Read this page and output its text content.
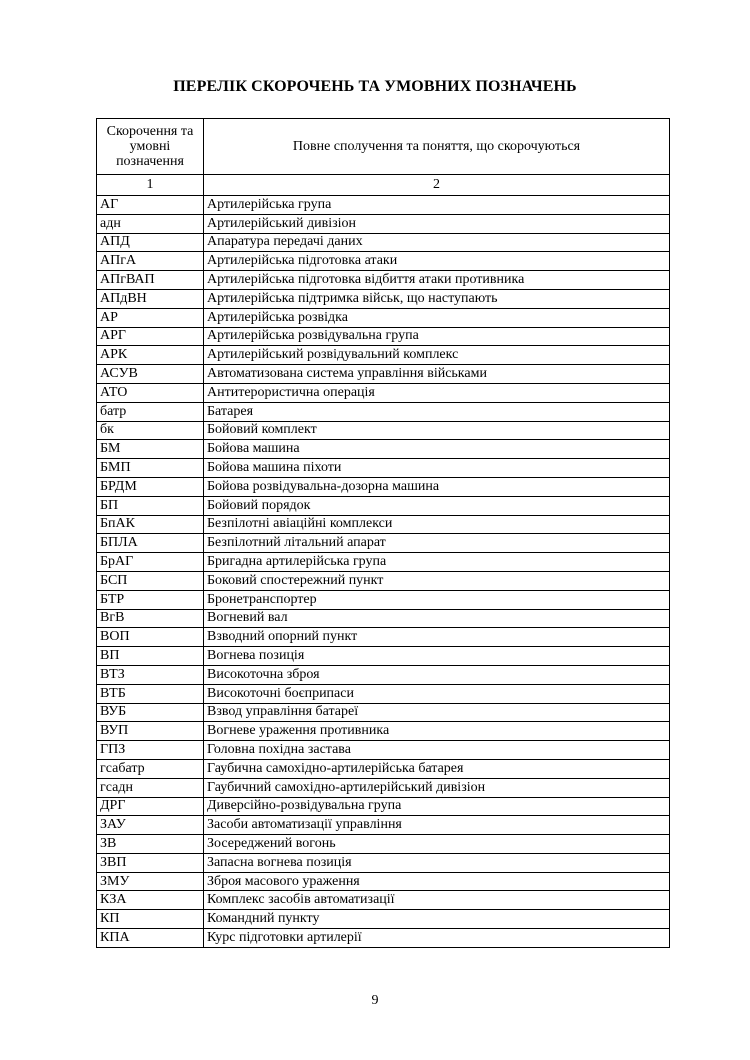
ПЕРЕЛІК СКОРОЧЕНЬ ТА УМОВНИХ ПОЗНАЧЕНЬ
Скорочення та умовні позначення	Повне сполучення та поняття, що скорочуються
1	2
АГ	Артилерійська група
адн	Артилерійський дивізіон
АПД	Апаратура передачі даних
АПгА	Артилерійська підготовка атаки
АПгВАП	Артилерійська підготовка відбиття атаки противника
АПдВН	Артилерійська підтримка військ, що наступають
АР	Артилерійська розвідка
АРГ	Артилерійська розвідувальна група
АРК	Артилерійський розвідувальний комплекс
АСУВ	Автоматизована система управління військами
АТО	Антитерористична операція
батр	Батарея
бк	Бойовий комплект
БМ	Бойова машина
БМП	Бойова машина піхоти
БРДМ	Бойова розвідувальна-дозорна машина
БП	Бойовий порядок
БпАК	Безпілотні авіаційні комплекси
БПЛА	Безпілотний літальний апарат
БрАГ	Бригадна артилерійська група
БСП	Боковий спостережний пункт
БТР	Бронетранспортер
ВгВ	Вогневий вал
ВОП	Взводний опорний пункт
ВП	Вогнева позиція
ВТЗ	Високоточна зброя
ВТБ	Високоточні боєприпаси
ВУБ	Взвод управління батареї
ВУП	Вогневе ураження противника
ГПЗ	Головна похідна застава
гсабатр	Гаубична самохідно-артилерійська батарея
гсадн	Гаубичний самохідно-артилерійський дивізіон
ДРГ	Диверсійно-розвідувальна група
ЗАУ	Засоби автоматизації управління
ЗВ	Зосереджений вогонь
ЗВП	Запасна вогнева позиція
ЗМУ	Зброя масового ураження
КЗА	Комплекс засобів автоматизації
КП	Командний пункту
КПА	Курс підготовки артилерії
9
